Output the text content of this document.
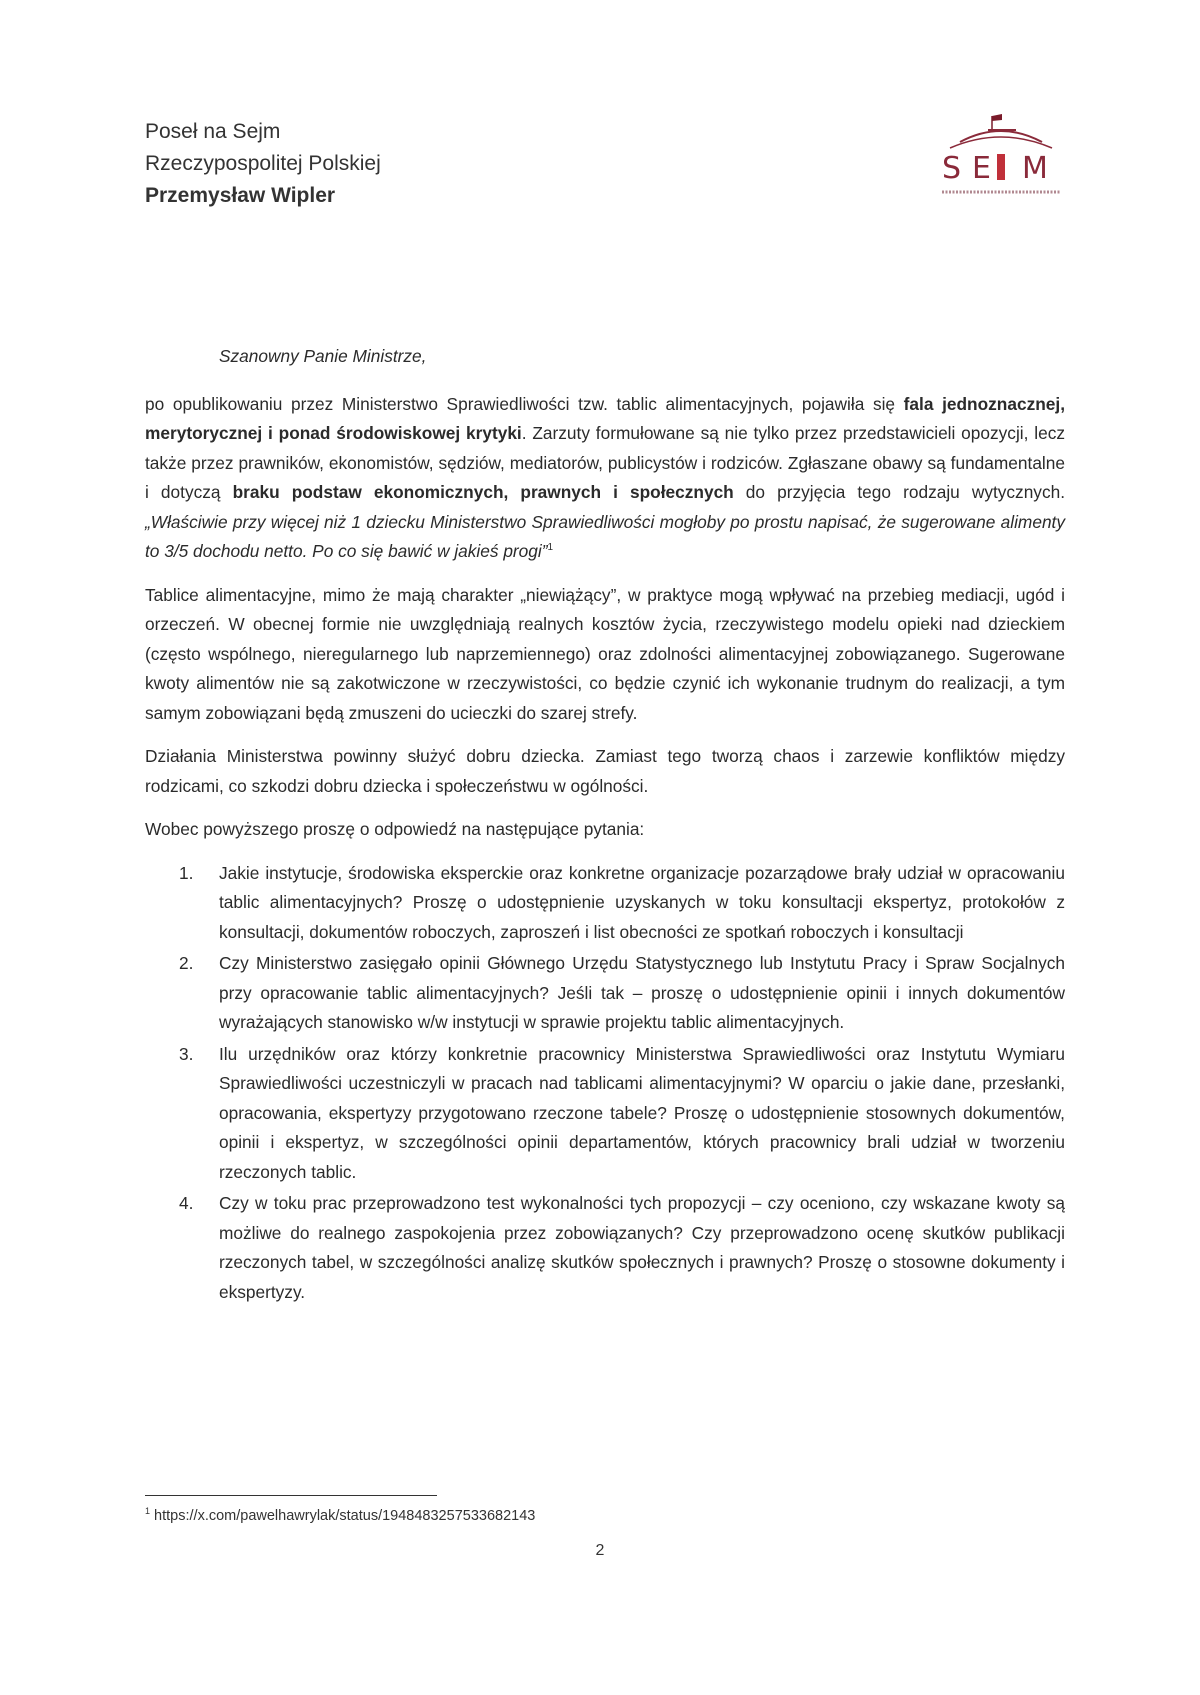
Poseł na Sejm
Rzeczypospolitej Polskiej
Przemysław Wipler
S E M
Szanowny Panie Ministrze,
po opublikowaniu przez Ministerstwo Sprawiedliwości tzw. tablic alimentacyjnych, pojawiła się fala jednoznacznej, merytorycznej i ponad środowiskowej krytyki. Zarzuty formułowane są nie tylko przez przedstawicieli opozycji, lecz także przez prawników, ekonomistów, sędziów, mediatorów, publicystów i rodziców. Zgłaszane obawy są fundamentalne i dotyczą braku podstaw ekonomicznych, prawnych i społecznych do przyjęcia tego rodzaju wytycznych. „Właściwie przy więcej niż 1 dziecku Ministerstwo Sprawiedliwości mogłoby po prostu napisać, że sugerowane alimenty to 3/5 dochodu netto. Po co się bawić w jakieś progi”$^1$
Tablice alimentacyjne, mimo że mają charakter „niewiążący”, w praktyce mogą wpływać na przebieg mediacji, ugód i orzeczeń. W obecnej formie nie uwzględniają realnych kosztów życia, rzeczywistego modelu opieki nad dzieckiem (często wspólnego, nieregularnego lub naprzemiennego) oraz zdolności alimentacyjnej zobowiązanego. Sugerowane kwoty alimentów nie są zakotwiczone w rzeczywistości, co będzie czynić ich wykonanie trudnym do realizacji, a tym samym zobowiązani będą zmuszeni do ucieczki do szarej strefy.
Działania Ministerstwa powinny służyć dobru dziecka. Zamiast tego tworzą chaos i zarzewie konfliktów między rodzicami, co szkodzi dobru dziecka i społeczeństwu w ogólności.
Wobec powyższego proszę o odpowiedź na następujące pytania:
1. Jakie instytucje, środowiska eksperckie oraz konkretne organizacje pozarządowe brały udział w opracowaniu tablic alimentacyjnych? Proszę o udostępnienie uzyskanych w toku konsultacji ekspertyz, protokołów z konsultacji, dokumentów roboczych, zaproszeń i list obecności ze spotkań roboczych i konsultacji
2. Czy Ministerstwo zasięgało opinii Głównego Urzędu Statystycznego lub Instytutu Pracy i Spraw Socjalnych przy opracowanie tablic alimentacyjnych? Jeśli tak – proszę o udostępnienie opinii i innych dokumentów wyrażających stanowisko w/w instytucji w sprawie projektu tablic alimentacyjnych.
3. Ilu urzędników oraz którzy konkretnie pracownicy Ministerstwa Sprawiedliwości oraz Instytutu Wymiaru Sprawiedliwości uczestniczyli w pracach nad tablicami alimentacyjnymi? W oparciu o jakie dane, przesłanki, opracowania, ekspertyzy przygotowano rzeczone tabele? Proszę o udostępnienie stosownych dokumentów, opinii i ekspertyz, w szczególności opinii departamentów, których pracownicy brali udział w tworzeniu rzeczonych tablic.
4. Czy w toku prac przeprowadzono test wykonalności tych propozycji – czy oceniono, czy wskazane kwoty są możliwe do realnego zaspokojenia przez zobowiązanych? Czy przeprowadzono ocenę skutków publikacji rzeczonych tabel, w szczególności analizę skutków społecznych i prawnych? Proszę o stosowne dokumenty i ekspertyzy.
$^1$ https://x.com/pawelhawrylak/status/1948483257533682143
2
